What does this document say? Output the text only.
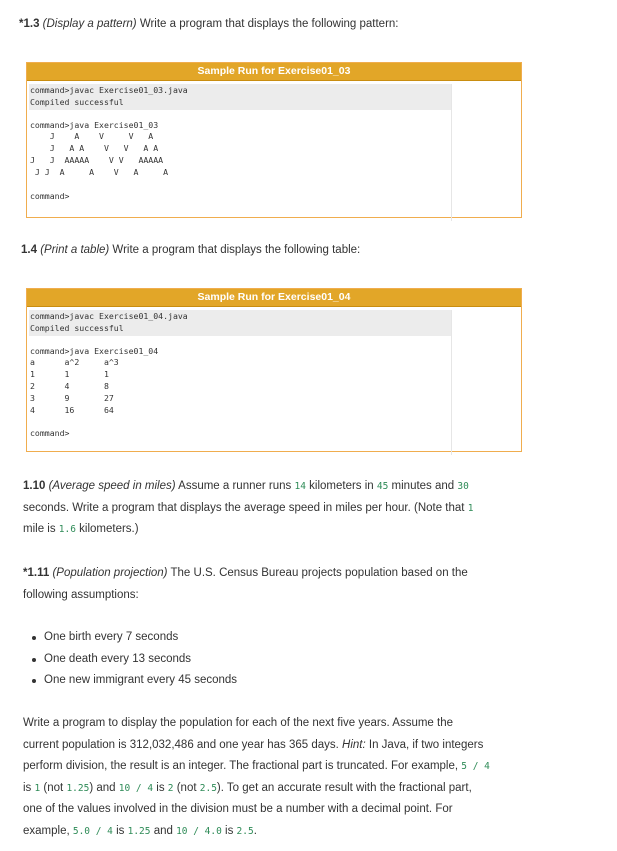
*1.3 (Display a pattern) Write a program that displays the following pattern:
Sample Run for Exercise01_03
command>javac Exercise01_03.java
Compiled successful
command>java Exercise01_03
J    A    V     V   A
J   A A    V   V   A A
J   J  AAAAA    V V   AAAAA
J J  A     A    V   A     A
command>
1.4 (Print a table) Write a program that displays the following table:
Sample Run for Exercise01_04
command>javac Exercise01_04.java
Compiled successful
command>java Exercise01_04
a      a^2     a^3
1      1       1
2      4       8
3      9       27
4      16      64
command>
1.10 (Average speed in miles) Assume a runner runs 14 kilometers in 45 minutes and 30
seconds. Write a program that displays the average speed in miles per hour. (Note that 1
mile is 1.6 kilometers.)
*1.11 (Population projection) The U.S. Census Bureau projects population based on the
following assumptions:
One birth every 7 seconds
One death every 13 seconds
One new immigrant every 45 seconds
Write a program to display the population for each of the next five years. Assume the
current population is 312,032,486 and one year has 365 days. Hint: In Java, if two integers
perform division, the result is an integer. The fractional part is truncated. For example, 5 / 4
is 1 (not 1.25) and 10 / 4 is 2 (not 2.5). To get an accurate result with the fractional part,
one of the values involved in the division must be a number with a decimal point. For
example, 5.0 / 4 is 1.25 and 10 / 4.0 is 2.5.
